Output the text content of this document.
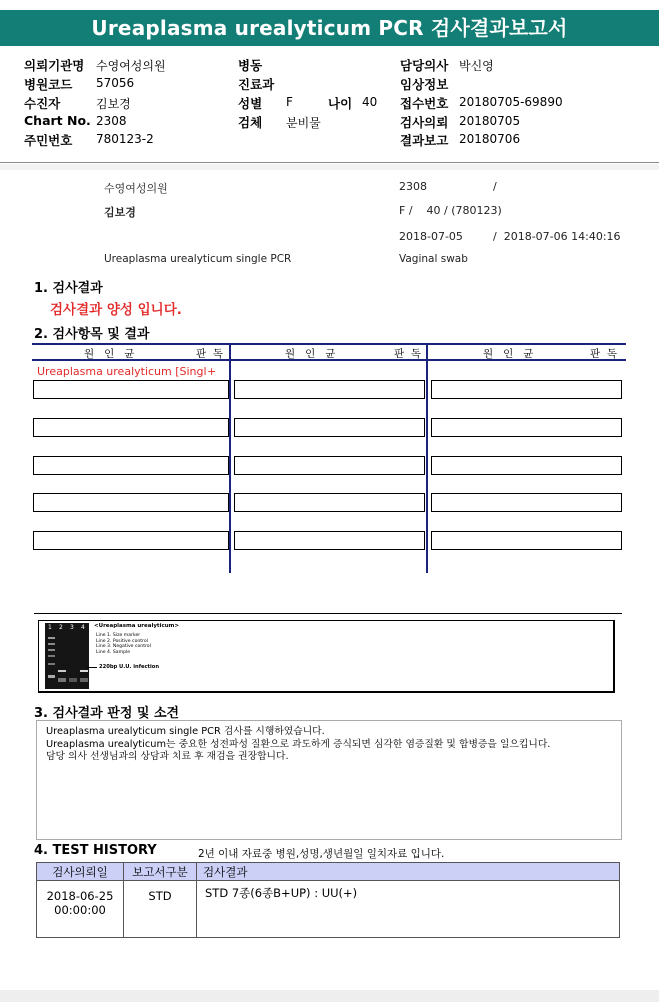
Ureaplasma urealyticum PCR 검사결과보고서
의뢰기관명 수영여성의원
병원코드 57056
수진자	김보경
Chart No. 2308
주민번호 780123-2
병동
진료과
성별 F	나이 40
검체 분비물
담당의사 박신영
임상정보
접수번호 20180705-69890
검사의뢰 20180705
결과보고 20180706
수영여성의원	2308	/
김보경	F /    40 / (780123)
2018-07-05	/  2018-07-06 14:40:16
Ureaplasma urealyticum single PCR	Vaginal swab
1. 검사결과
검사결과 양성 입니다.
2. 검사항목 및 결과
원   인   균	판  독	원   인   균	판  독	원   인   균	판  독
Ureaplasma urealyticum [Singl +
1 2 3 4 <Ureaplasma urealyticum>
Line 1. Size marker
Line 2. Positive control
Line 3. Negative control
Line 4. Sample
220bp U.U. infection
3. 검사결과 판정 및 소견
Ureaplasma urealyticum single PCR 검사를 시행하였습니다.
Ureaplasma urealyticum는 중요한 성전파성 질환으로 과도하게 증식되면 심각한 염증질환 및 합병증을 일으킵니다.
담당 의사 선생님과의 상담과 치료 후 재검을 권장합니다.
4. TEST HISTORY	2년 이내 자료중 병원,성명,생년월일 일치자료 입니다.
검사의뢰일	보고서구분	검사결과

2018-06-25
00:00:00	STD	STD 7종(6종B+UP) : UU(+)
